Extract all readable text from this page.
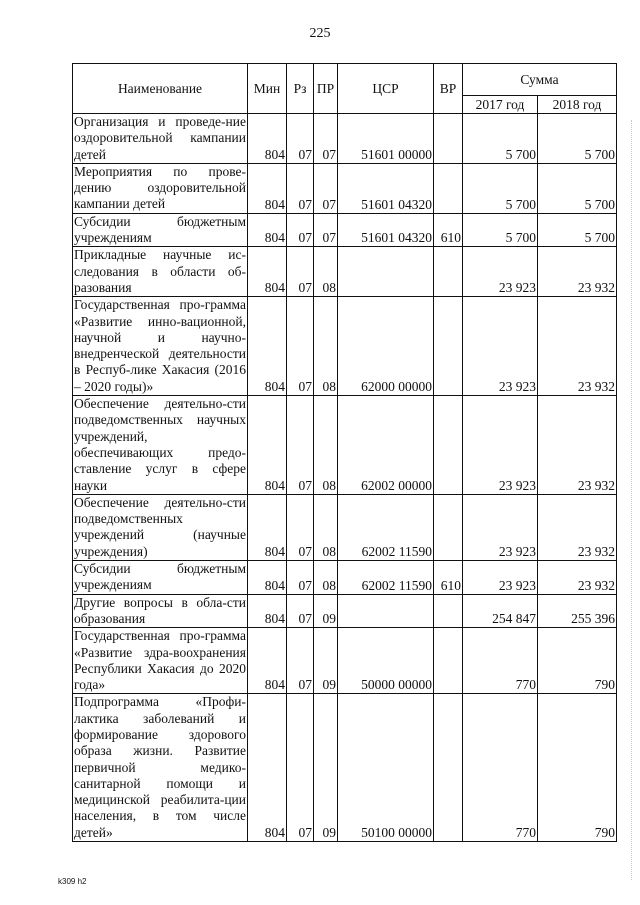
225
Наименование	Мин	Рз	ПР	ЦСР	ВР	Сумма	
						2017 год	2018 год
Организация и проведе-ние оздоровительной кампании детей	804	07	07	51601 00000		5 700	5 700
Мероприятия по прове-дению оздоровительной кампании детей	804	07	07	51601 04320		5 700	5 700
Субсидии бюджетным учреждениям	804	07	07	51601 04320	610	5 700	5 700
Прикладные научные ис-следования в области об-разования	804	07	08			23 923	23 932
Государственная про-грамма «Развитие инно-вационной, научной и научно-внедренческой деятельности в Респуб-лике Хакасия (2016 – 2020 годы)»	804	07	08	62000 00000		23 923	23 932
Обеспечение деятельно-сти подведомственных научных учреждений, обеспечивающих предо-ставление услуг в сфере науки	804	07	08	62002 00000		23 923	23 932
Обеспечение деятельно-сти подведомственных учреждений (научные учреждения)	804	07	08	62002 11590		23 923	23 932
Субсидии бюджетным учреждениям	804	07	08	62002 11590	610	23 923	23 932
Другие вопросы в обла-сти образования	804	07	09			254 847	255 396
Государственная про-грамма «Развитие здра-воохранения Республики Хакасия до 2020 года»	804	07	09	50000 00000		770	790
Подпрограмма «Профи-лактика заболеваний и формирование здорового образа жизни. Развитие первичной медико-санитарной помощи и медицинской реабилита-ции населения, в том числе детей»	804	07	09	50100 00000		770	790
k309 h2
